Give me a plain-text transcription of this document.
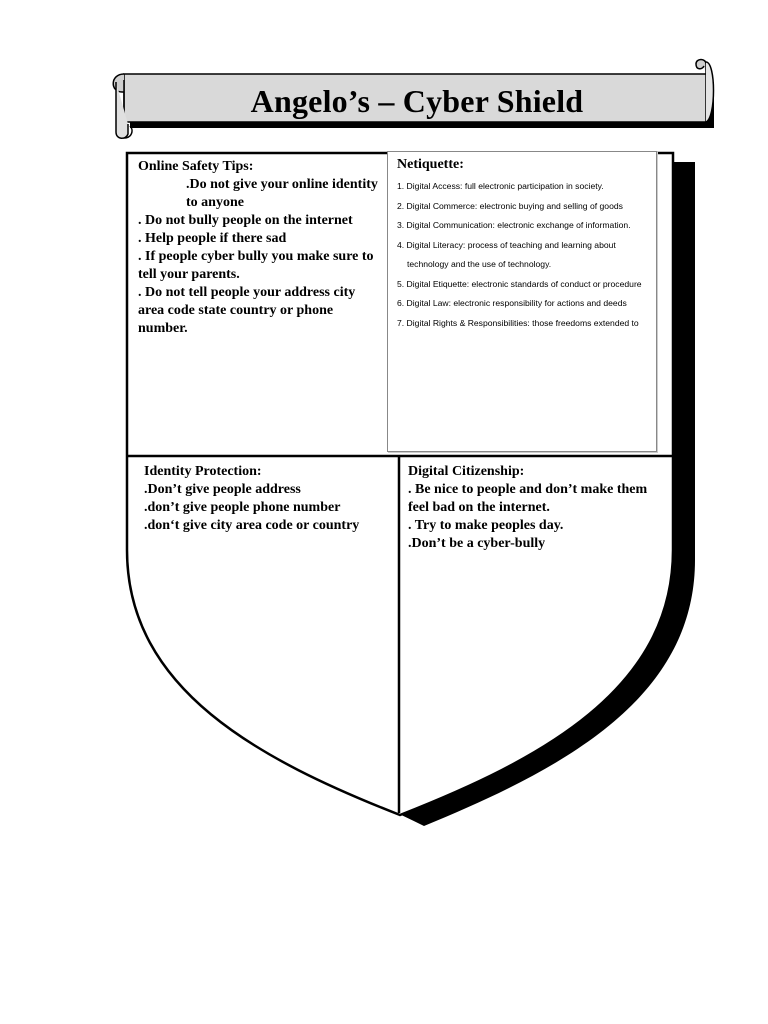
Angelo’s – Cyber Shield
Online Safety Tips:
.Do not give your online identity to anyone
. Do not bully people on the internet
. Help people if there sad
. If people cyber bully you make sure to tell your parents.
. Do not tell people your address city area code state country or phone number.
Netiquette:
1. Digital Access: full electronic participation in society.
2. Digital Commerce: electronic buying and selling of goods
3. Digital Communication: electronic exchange of information.
4. Digital Literacy: process of teaching and learning about
technology and the use of technology.
5. Digital Etiquette: electronic standards of conduct or procedure
6. Digital Law: electronic responsibility for actions and deeds
7. Digital Rights & Responsibilities: those freedoms extended to
Identity Protection:
.Don’t give people address
.don’t give people phone number
.don‘t give city area code or country
Digital Citizenship:
. Be nice to people and don’t make them feel bad on the internet.
. Try to make peoples day.
.Don’t be a cyber-bully
